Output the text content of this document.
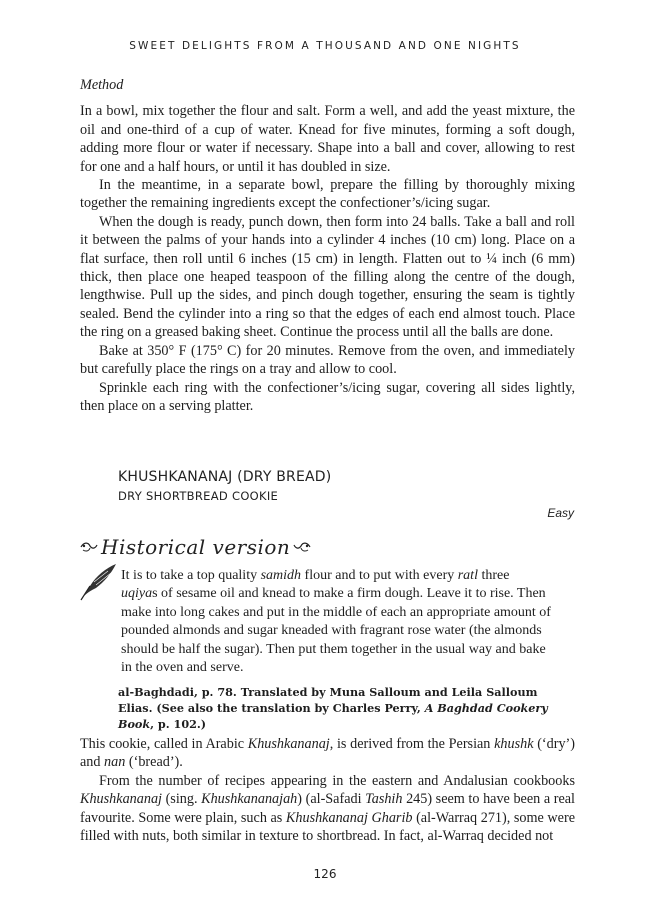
SWEET DELIGHTS FROM A THOUSAND AND ONE NIGHTS

Method

In a bowl, mix together the flour and salt. Form a well, and add the yeast mixture, the oil and one-third of a cup of water. Knead for five minutes, forming a soft dough, adding more flour or water if necessary. Shape into a ball and cover, allowing to rest for one and a half hours, or until it has doubled in size.

In the meantime, in a separate bowl, prepare the filling by thoroughly mixing together the remaining ingredients except the confectioner’s/icing sugar.

When the dough is ready, punch down, then form into 24 balls. Take a ball and roll it between the palms of your hands into a cylinder 4 inches (10 cm) long. Place on a flat surface, then roll until 6 inches (15 cm) in length. Flatten out to ¼ inch (6 mm) thick, then place one heaped teaspoon of the filling along the centre of the dough, lengthwise. Pull up the sides, and pinch dough together, ensuring the seam is tightly sealed. Bend the cylinder into a ring so that the edges of each end almost touch. Place the ring on a greased baking sheet. Continue the process until all the balls are done.

Bake at 350° F (175° C) for 20 minutes. Remove from the oven, and immediately but carefully place the rings on a tray and allow to cool.

Sprinkle each ring with the confectioner’s/icing sugar, covering all sides lightly, then place on a serving platter.

KHUSHKANANAJ (DRY BREAD)
DRY SHORTBREAD COOKIE
Easy
Historical version

It is to take a top quality samidh flour and to put with every ratl three
uqiyas of sesame oil and knead to make a firm dough. Leave it to rise. Then make into long cakes and put in the middle of each an appropriate amount of pounded almonds and sugar kneaded with fragrant rose water (the almonds should be half the sugar). Then put them together in the usual way and bake in the oven and serve.

al-Baghdadi, p. 78. Translated by Muna Salloum and Leila Salloum Elias. (See also the translation by Charles Perry, A Baghdad Cookery Book, p. 102.)

This cookie, called in Arabic Khushkananaj, is derived from the Persian khushk (‘dry’) and nan (‘bread’).

From the number of recipes appearing in the eastern and Andalusian cookbooks Khushkananaj (sing. Khushkananajah) (al-Safadi Tashih 245) seem to have been a real favourite. Some were plain, such as Khushkananaj Gharib (al-Warraq 271), some were filled with nuts, both similar in texture to shortbread. In fact, al-Warraq decided not

126
